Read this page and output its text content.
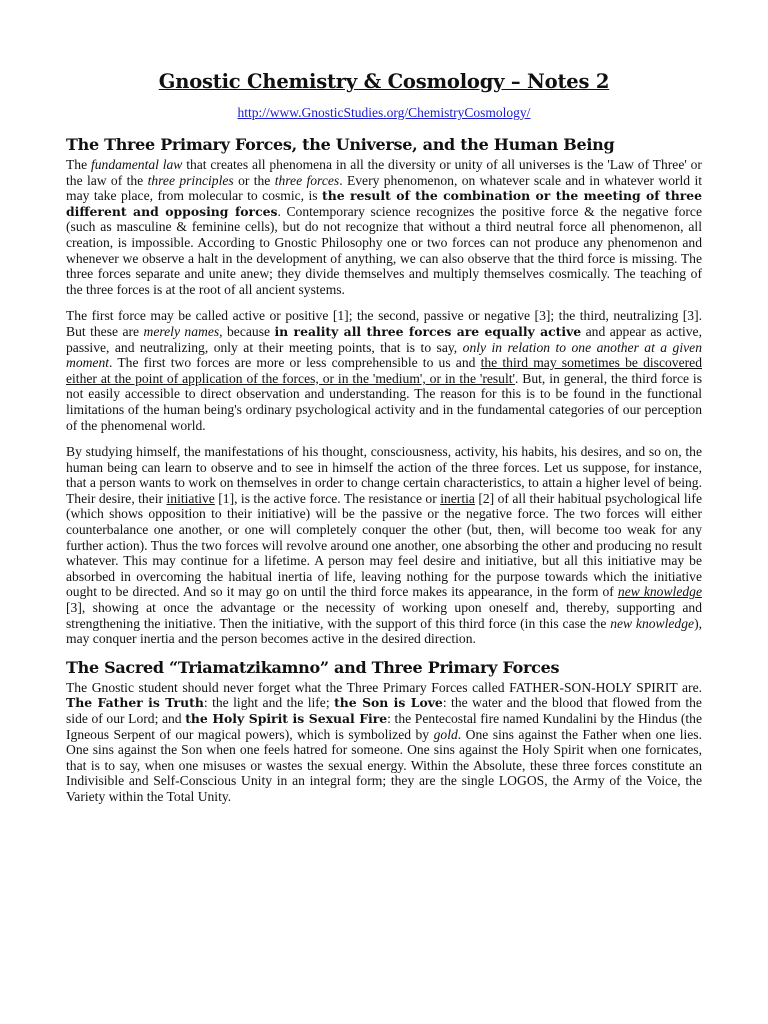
Gnostic Chemistry & Cosmology – Notes 2
http://www.GnosticStudies.org/ChemistryCosmology/
The Three Primary Forces, the Universe, and the Human Being

The fundamental law that creates all phenomena in all the diversity or unity of all universes is the 'Law of Three' or the law of the three principles or the three forces. Every phenomenon, on whatever scale and in whatever world it may take place, from molecular to cosmic, is the result of the combination or the meeting of three different and opposing forces. Contemporary science recognizes the positive force & the negative force (such as masculine & feminine cells), but do not recognize that without a third neutral force all phenomenon, all creation, is impossible. According to Gnostic Philosophy one or two forces can not produce any phenomenon and whenever we observe a halt in the development of anything, we can also observe that the third force is missing. The three forces separate and unite anew; they divide themselves and multiply themselves cosmically. The teaching of the three forces is at the root of all ancient systems.

The first force may be called active or positive [1]; the second, passive or negative [3]; the third, neutralizing [3]. But these are merely names, because in reality all three forces are equally active and appear as active, passive, and neutralizing, only at their meeting points, that is to say, only in relation to one another at a given moment. The first two forces are more or less comprehensible to us and the third may sometimes be discovered either at the point of application of the forces, or in the 'medium', or in the 'result'. But, in general, the third force is not easily accessible to direct observation and understanding. The reason for this is to be found in the functional limitations of the human being's ordinary psychological activity and in the fundamental categories of our perception of the phenomenal world.

By studying himself, the manifestations of his thought, consciousness, activity, his habits, his desires, and so on, the human being can learn to observe and to see in himself the action of the three forces. Let us suppose, for instance, that a person wants to work on themselves in order to change certain characteristics, to attain a higher level of being. Their desire, their initiative [1], is the active force. The resistance or inertia [2] of all their habitual psychological life (which shows opposition to their initiative) will be the passive or the negative force. The two forces will either counterbalance one another, or one will completely conquer the other (but, then, will become too weak for any further action). Thus the two forces will revolve around one another, one absorbing the other and producing no result whatever. This may continue for a lifetime. A person may feel desire and initiative, but all this initiative may be absorbed in overcoming the habitual inertia of life, leaving nothing for the purpose towards which the initiative ought to be directed. And so it may go on until the third force makes its appearance, in the form of new knowledge [3], showing at once the advantage or the necessity of working upon oneself and, thereby, supporting and strengthening the initiative. Then the initiative, with the support of this third force (in this case the new knowledge), may conquer inertia and the person becomes active in the desired direction.

The Sacred “Triamatzikamno” and Three Primary Forces

The Gnostic student should never forget what the Three Primary Forces called FATHER-SON-HOLY SPIRIT are. The Father is Truth: the light and the life; the Son is Love: the water and the blood that flowed from the side of our Lord; and the Holy Spirit is Sexual Fire: the Pentecostal fire named Kundalini by the Hindus (the Igneous Serpent of our magical powers), which is symbolized by gold. One sins against the Father when one lies. One sins against the Son when one feels hatred for someone. One sins against the Holy Spirit when one fornicates, that is to say, when one misuses or wastes the sexual energy. Within the Absolute, these three forces constitute an Indivisible and Self-Conscious Unity in an integral form; they are the single LOGOS, the Army of the Voice, the Variety within the Total Unity.
